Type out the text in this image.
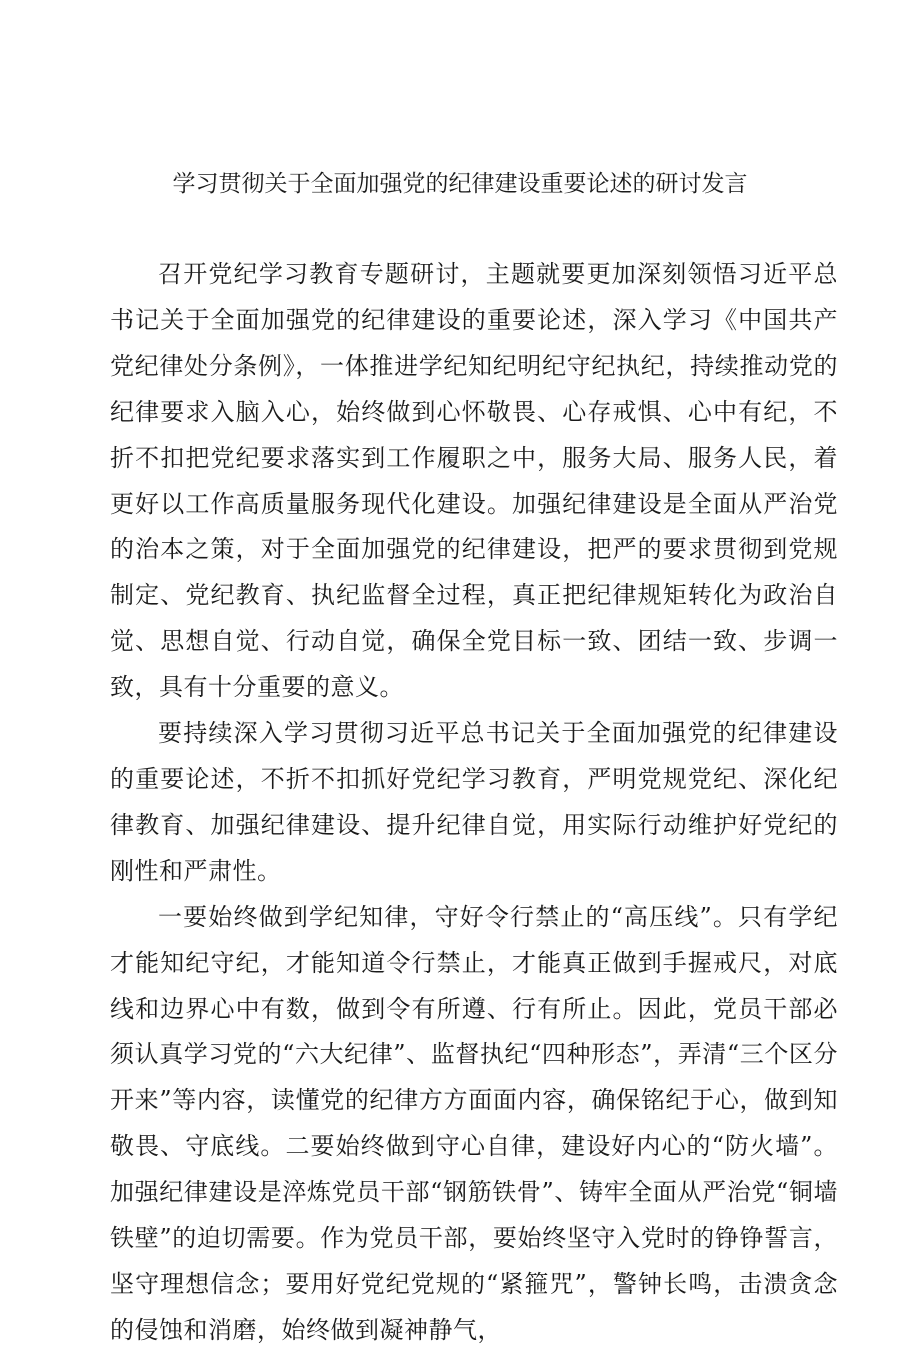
学习贯彻关于全面加强党的纪律建设重要论述的研讨发言

召开党纪学习教育专题研讨，主题就要更加深刻领悟习近平总书记关于全面加强党的纪律建设的重要论述，深入学习《中国共产党纪律处分条例》，一体推进学纪知纪明纪守纪执纪，持续推动党的纪律要求入脑入心，始终做到心怀敬畏、心存戒惧、心中有纪，不折不扣把党纪要求落实到工作履职之中，服务大局、服务人民，着更好以工作高质量服务现代化建设。加强纪律建设是全面从严治党的治本之策，对于全面加强党的纪律建设，把严的要求贯彻到党规制定、党纪教育、执纪监督全过程，真正把纪律规矩转化为政治自觉、思想自觉、行动自觉，确保全党目标一致、团结一致、步调一致，具有十分重要的意义。

要持续深入学习贯彻习近平总书记关于全面加强党的纪律建设的重要论述，不折不扣抓好党纪学习教育，严明党规党纪、深化纪律教育、加强纪律建设、提升纪律自觉，用实际行动维护好党纪的刚性和严肃性。

一要始终做到学纪知律，守好令行禁止的“高压线”。只有学纪才能知纪守纪，才能知道令行禁止，才能真正做到手握戒尺，对底线和边界心中有数，做到令有所遵、行有所止。因此，党员干部必须认真学习党的“六大纪律”、监督执纪“四种形态”，弄清“三个区分开来”等内容，读懂党的纪律方方面面内容，确保铭纪于心，做到知敬畏、守底线。二要始终做到守心自律，建设好内心的“防火墙”。加强纪律建设是淬炼党员干部“钢筋铁骨”、铸牢全面从严治党“铜墙铁壁”的迫切需要。作为党员干部，要始终坚守入党时的铮铮誓言，坚守理想信念；要用好党纪党规的“紧箍咒”，警钟长鸣，击溃贪念的侵蚀和消磨，始终做到凝神静气，
